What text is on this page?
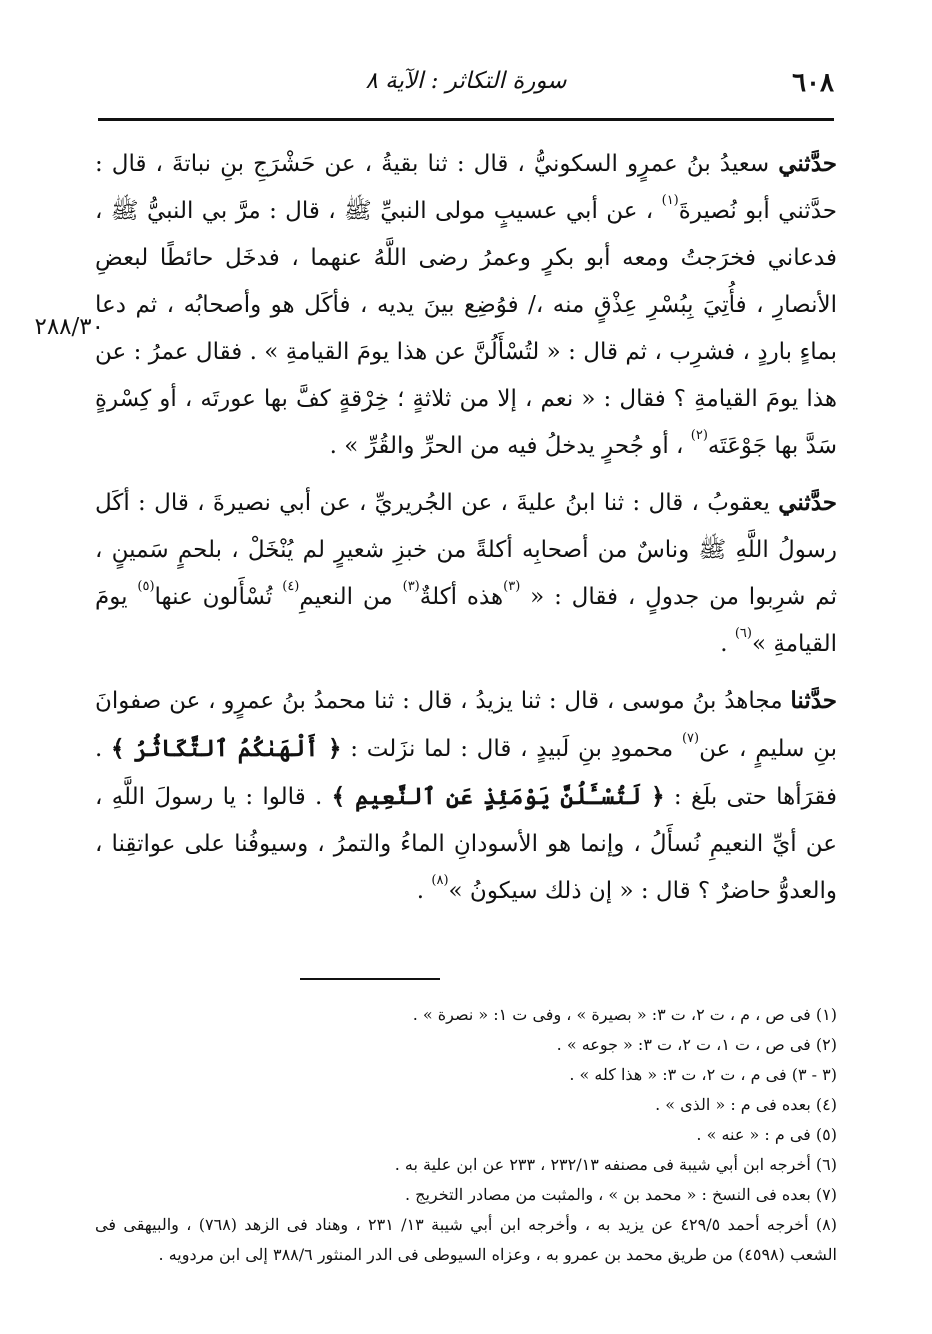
٦٠٨
سورة التكاثر : الآية ٨
٢٨٨/٣٠

حدَّثني سعيدُ بنُ عمرٍو السكونيُّ ، قال : ثنا بقيةُ ، عن حَشْرَجِ بنِ نباتةَ ، قال : حدَّثني أبو نُصيرةَ$^{(١)}$ ، عن أبي عسيبٍ مولى النبيِّ ﷺ ، قال : مرَّ بي النبيُّ ﷺ ، فدعاني فخرَجتُ ومعه أبو بكرٍ وعمرُ رضى اللَّهُ عنهما ، فدخَل حائطًا لبعضِ الأنصارِ ، فأُتِيَ بِبُسْرِ عِذْقٍ منه ،/ فوُضِع بينَ يديه ، فأكَل هو وأصحابُه ، ثم دعا بماءٍ باردٍ ، فشرِب ، ثم قال : « لتُسْأَلُنَّ عن هذا يومَ القيامةِ » . فقال عمرُ : عن هذا يومَ القيامةِ ؟ فقال : « نعم ، إلا من ثلاثةٍ ؛ خِرْقةٍ كفَّ بها عورتَه ، أو كِسْرةٍ سَدَّ بها جَوْعَتَه$^{(٢)}$ ، أو جُحرٍ يدخلُ فيه من الحرِّ والقُرِّ » .

حدَّثني يعقوبُ ، قال : ثنا ابنُ عليةَ ، عن الجُريريِّ ، عن أبي نصيرةَ ، قال : أكَل رسولُ اللَّهِ ﷺ وناسٌ من أصحابِه أكلةً من خبزِ شعيرٍ لم يُنْخَلْ ، بلحمٍ سَمينٍ ، ثم شرِبوا من جدولٍ ، فقال : « $^{(٣)}$هذه أكلةٌ$^{(٣)}$ من النعيمِ$^{(٤)}$ تُسْأَلون عنها$^{(٥)}$ يومَ القيامةِ »$^{(٦)}$ .

حدَّثنا مجاهدُ بنُ موسى ، قال : ثنا يزيدُ ، قال : ثنا محمدُ بنُ عمرٍو ، عن صفوانَ بنِ سليمٍ ، عن$^{(٧)}$ محمودِ بنِ لَبيدٍ ، قال : لما نزَلت : ﴿ أَلْهَىٰكُمُ ٱلتَّكَاثُرُ ﴾ . فقرَأها حتى بلَغ : ﴿ لَتُسْـَٔلُنَّ يَوْمَئِذٍ عَنِ ٱلنَّعِيمِ ﴾ . قالوا : يا رسولَ اللَّهِ ، عن أيِّ النعيمِ نُسأَلُ ، وإنما هو الأسودانِ الماءُ والتمرُ ، وسيوفُنا على عواتقِنا ، والعدوُّ حاضرٌ ؟ قال : « إن ذلك سيكونُ »$^{(٨)}$ .

(١) فى ص ، م ، ت ٢، ت ٣: « بصيرة » ، وفى ت ١: « نصرة » .

(٢) فى ص ، ت ١، ت ٢، ت ٣: « جوعه » .

(٣ - ٣) فى م ، ت ٢، ت ٣: « هذا كله » .

(٤) بعده فى م : « الذى » .

(٥) فى م : « عنه » .

(٦) أخرجه ابن أبي شيبة فى مصنفه ٢٣٢/١٣ ، ٢٣٣ عن ابن علية به .

(٧) بعده فى النسخ : « محمد بن » ، والمثبت من مصادر التخريج .

(٨) أخرجه أحمد ٤٢٩/٥ عن يزيد به ، وأخرجه ابن أبي شيبة ١٣/ ٢٣١ ، وهناد فى الزهد (٧٦٨) ، والبيهقى فى الشعب (٤٥٩٨) من طريق محمد بن عمرو به ، وعزاه السيوطى فى الدر المنثور ٣٨٨/٦ إلى ابن مردويه .
